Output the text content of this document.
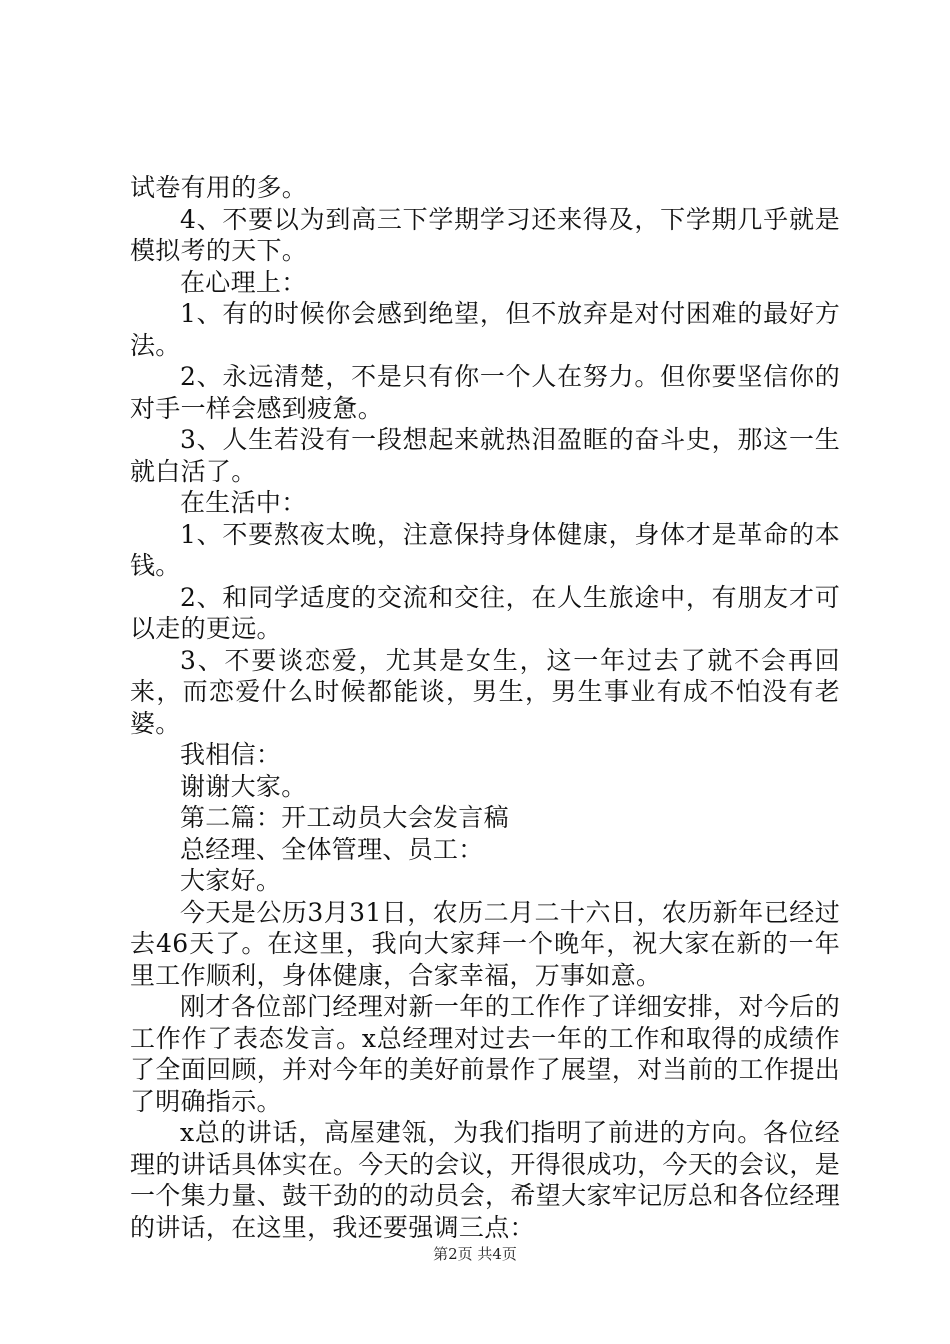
试卷有用的多。

4、不要以为到高三下学期学习还来得及，下学期几乎就是模拟考的天下。

在心理上：

1、有的时候你会感到绝望，但不放弃是对付困难的最好方法。

2、永远清楚，不是只有你一个人在努力。但你要坚信你的对手一样会感到疲惫。

3、人生若没有一段想起来就热泪盈眶的奋斗史，那这一生就白活了。

在生活中：

1、不要熬夜太晚，注意保持身体健康，身体才是革命的本钱。

2、和同学适度的交流和交往，在人生旅途中，有朋友才可以走的更远。

3、不要谈恋爱，尤其是女生，这一年过去了就不会再回来，而恋爱什么时候都能谈，男生，男生事业有成不怕没有老婆。

我相信：

谢谢大家。

第二篇：开工动员大会发言稿

总经理、全体管理、员工：

大家好。

今天是公历3月31日，农历二月二十六日，农历新年已经过去46天了。在这里，我向大家拜一个晚年，祝大家在新的一年里工作顺利，身体健康，合家幸福，万事如意。

刚才各位部门经理对新一年的工作作了详细安排，对今后的工作作了表态发言。x总经理对过去一年的工作和取得的成绩作了全面回顾，并对今年的美好前景作了展望，对当前的工作提出了明确指示。

x总的讲话，高屋建瓴，为我们指明了前进的方向。各位经理的讲话具体实在。今天的会议，开得很成功，今天的会议，是一个集力量、鼓干劲的的动员会，希望大家牢记厉总和各位经理的讲话，在这里，我还要强调三点：

第2页 共4页
